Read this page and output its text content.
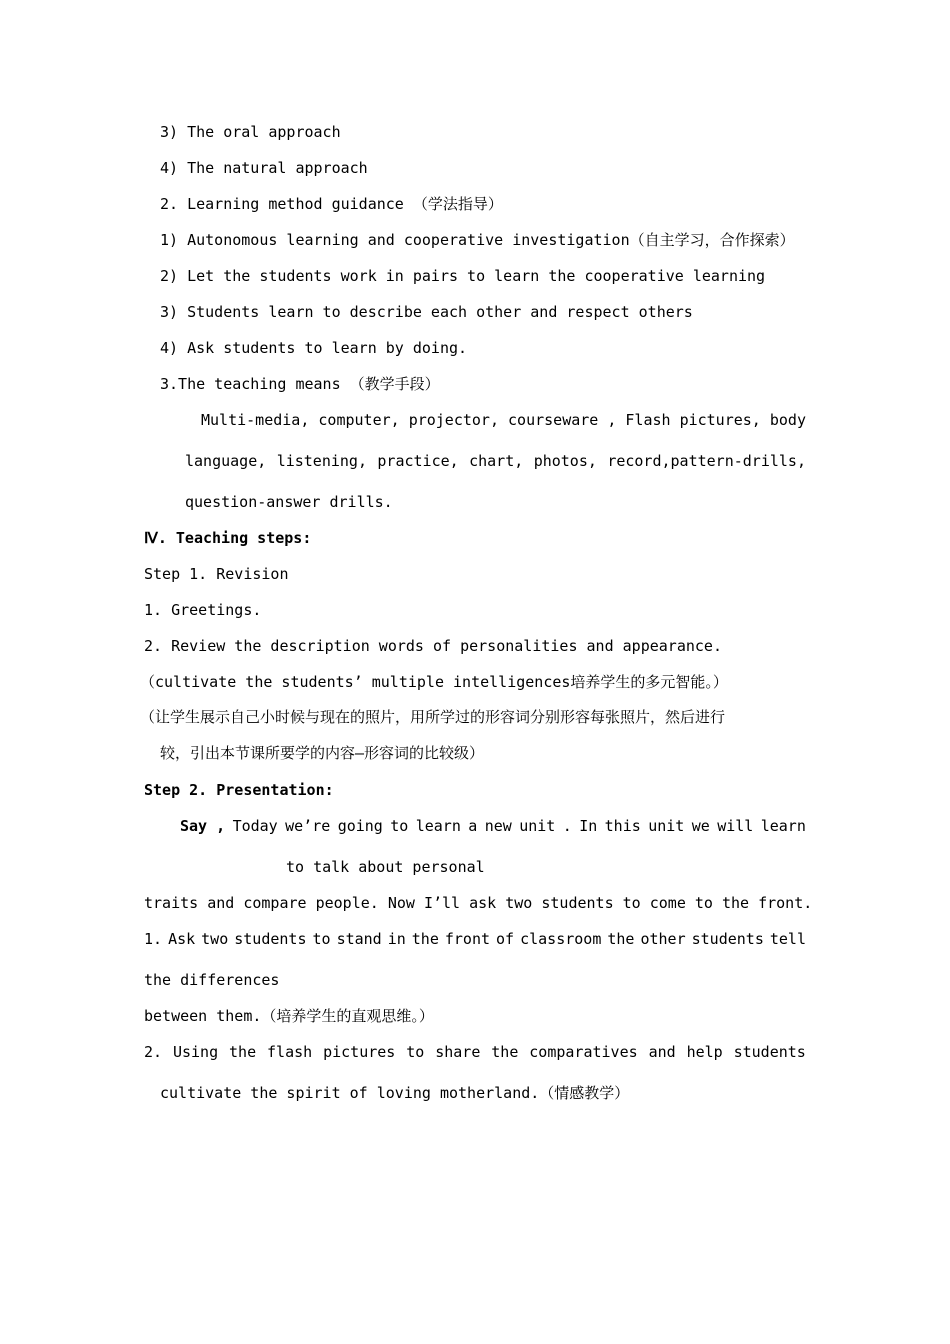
3) The oral approach
4) The natural approach
2. Learning method guidance （学法指导）
1) Autonomous learning and cooperative investigation（自主学习，合作探索）
2) Let the students work in pairs to learn the cooperative learning
3) Students learn to describe each other and respect others
4) Ask students to learn by doing.
3.The teaching means （教学手段）
Multi-media, computer, projector, courseware , Flash pictures, body
language, listening, practice, chart, photos, record,pattern-drills,
question-answer drills.
Ⅳ. Teaching steps:
Step 1. Revision
1. Greetings.
2. Review the description words of personalities and appearance.
（cultivate the students’ multiple intelligences培养学生的多元智能。）
（让学生展示自己小时候与现在的照片，用所学过的形容词分别形容每张照片，然后进行
较，引出本节课所要学的内容—形容词的比较级）
Step 2. Presentation:
Say , Today we’re going to learn a new unit . In this unit we will learn
to talk about personal
traits and compare people. Now I’ll ask two students to come to the front.
1. Ask two students to stand in the front of classroom the other students tell
the differences
between them.（培养学生的直观思维。）
2. Using the flash pictures to share the comparatives and help students
cultivate the spirit of loving motherland.（情感教学）
